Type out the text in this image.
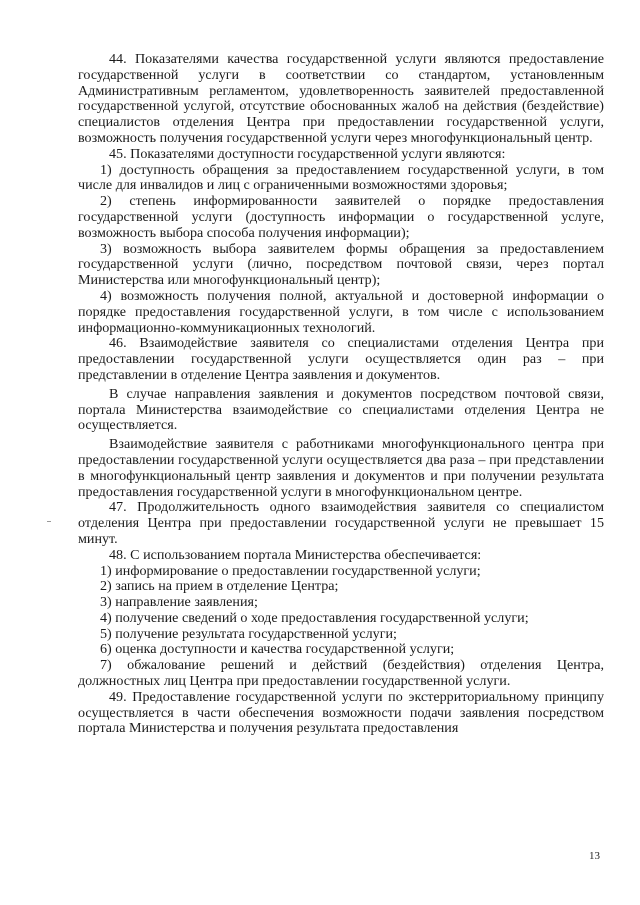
44. Показателями качества государственной услуги являются предоставление государственной услуги в соответствии со стандартом, установленным Административным регламентом, удовлетворенность заявителей предоставленной государственной услугой, отсутствие обоснованных жалоб на действия (бездействие) специалистов отделения Центра при предоставлении государственной услуги, возможность получения государственной услуги через многофункциональный центр.

45. Показателями доступности государственной услуги являются:

1) доступность обращения за предоставлением государственной услуги, в том числе для инвалидов и лиц с ограниченными возможностями здоровья;

2) степень информированности заявителей о порядке предоставления государственной услуги (доступность информации о государственной услуге, возможность выбора способа получения информации);

3) возможность выбора заявителем формы обращения за предоставлением государственной услуги (лично, посредством почтовой связи, через портал Министерства или многофункциональный центр);

4) возможность получения полной, актуальной и достоверной информации о порядке предоставления государственной услуги, в том числе с использованием информационно-коммуникационных технологий.

46. Взаимодействие заявителя со специалистами отделения Центра при предоставлении государственной услуги осуществляется один раз – при представлении в отделение Центра заявления и документов.

В случае направления заявления и документов посредством почтовой связи, портала Министерства взаимодействие со специалистами отделения Центра не осуществляется.

Взаимодействие заявителя с работниками многофункционального центра при предоставлении государственной услуги осуществляется два раза – при представлении в многофункциональный центр заявления и документов и при получении результата предоставления государственной услуги в многофункциональном центре.

47. Продолжительность одного взаимодействия заявителя со специалистом отделения Центра при предоставлении государственной услуги не превышает 15 минут.

48. С использованием портала Министерства обеспечивается:

1) информирование о предоставлении государственной услуги;

2) запись на прием в отделение Центра;

3) направление заявления;

4) получение сведений о ходе предоставления государственной услуги;

5) получение результата государственной услуги;

6) оценка доступности и качества государственной услуги;

7) обжалование решений и действий (бездействия) отделения Центра, должностных лиц Центра при предоставлении государственной услуги.

49. Предоставление государственной услуги по экстерриториальному принципу осуществляется в части обеспечения возможности подачи заявления посредством портала Министерства и получения результата предоставления

13
